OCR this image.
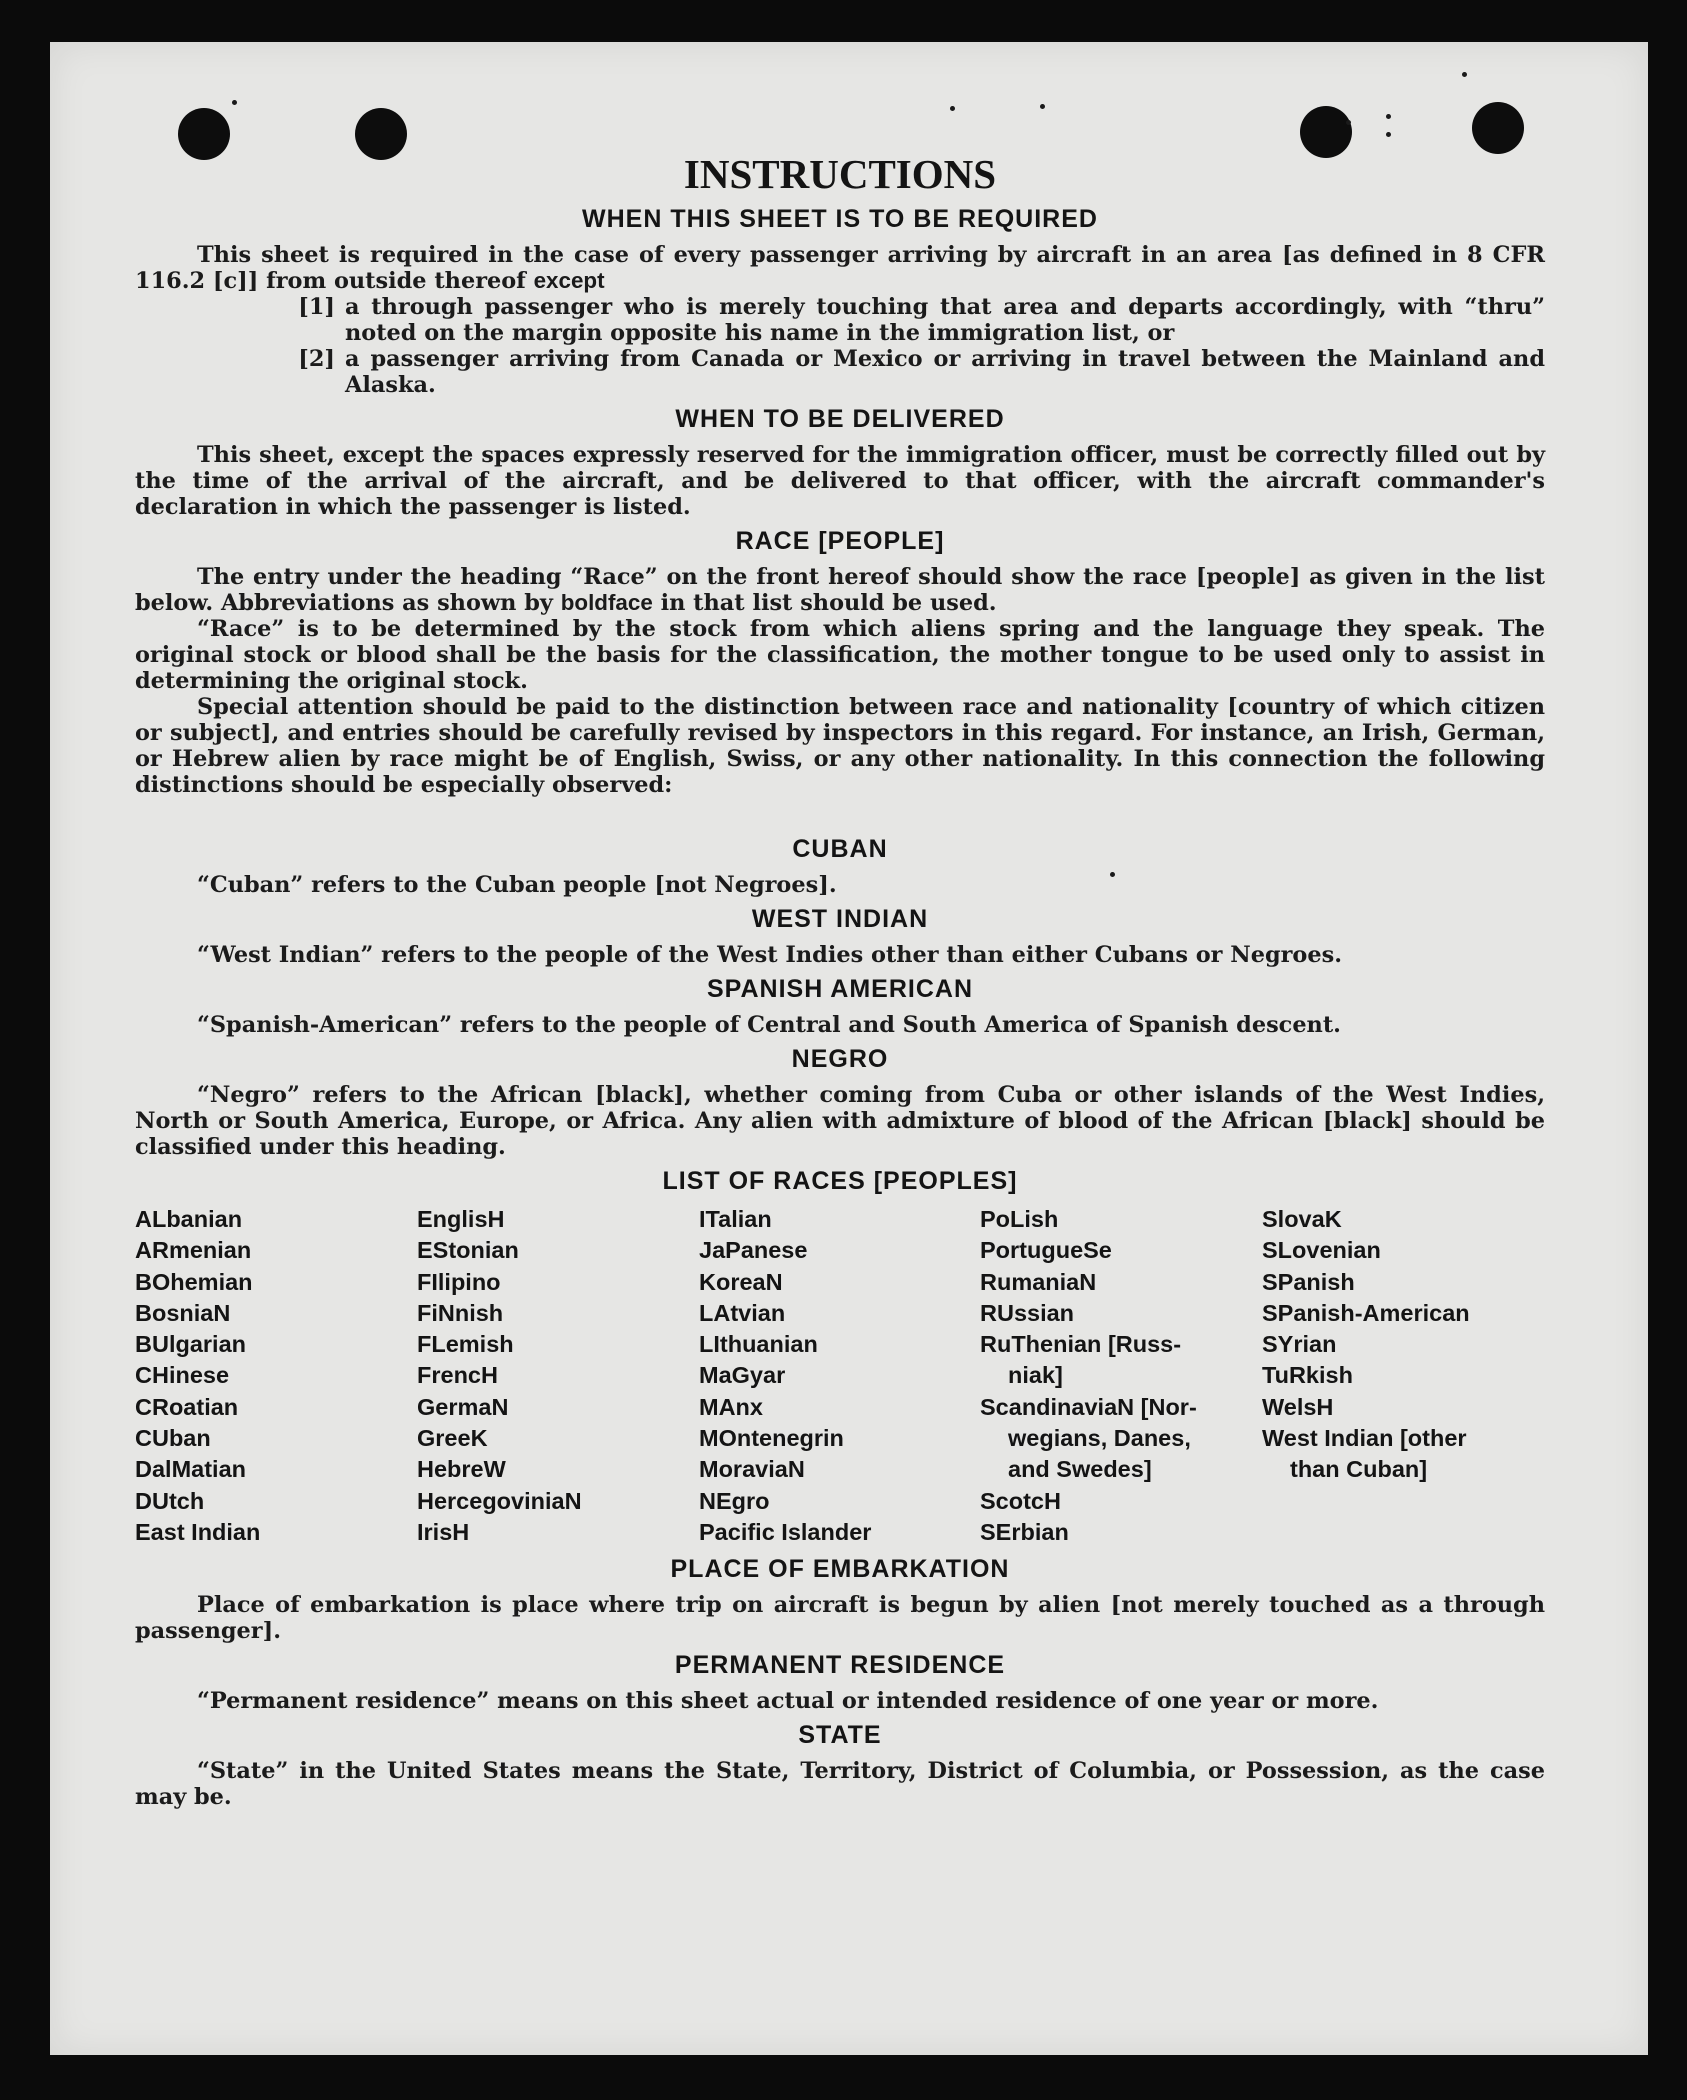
INSTRUCTIONS
WHEN THIS SHEET IS TO BE REQUIRED

This sheet is required in the case of every passenger arriving by aircraft in an area [as defined in 8 CFR 116.2 [c]] from outside thereof except

[1] a through passenger who is merely touching that area and departs accordingly, with “thru” noted on the margin opposite his name in the immigration list, or
[2] a passenger arriving from Canada or Mexico or arriving in travel between the Mainland and Alaska.
WHEN TO BE DELIVERED

This sheet, except the spaces expressly reserved for the immigration officer, must be correctly filled out by the time of the arrival of the aircraft, and be delivered to that officer, with the aircraft commander's declaration in which the passenger is listed.

RACE [PEOPLE]

The entry under the heading “Race” on the front hereof should show the race [people] as given in the list below. Abbreviations as shown by boldface in that list should be used.

“Race” is to be determined by the stock from which aliens spring and the language they speak. The original stock or blood shall be the basis for the classification, the mother tongue to be used only to assist in determining the original stock.

Special attention should be paid to the distinction between race and nationality [country of which citizen or subject], and entries should be carefully revised by inspectors in this regard. For instance, an Irish, German, or Hebrew alien by race might be of English, Swiss, or any other nationality. In this connection the following distinctions should be especially observed:

CUBAN

“Cuban” refers to the Cuban people [not Negroes].

WEST INDIAN

“West Indian” refers to the people of the West Indies other than either Cubans or Negroes.

SPANISH AMERICAN

“Spanish-American” refers to the people of Central and South America of Spanish descent.

NEGRO

“Negro” refers to the African [black], whether coming from Cuba or other islands of the West Indies, North or South America, Europe, or Africa. Any alien with admixture of blood of the African [black] should be classified under this heading.

LIST OF RACES [PEOPLES]
ALbanian
ARmenian
BOhemian
BosniaN
BUlgarian
CHinese
CRoatian
CUban
DalMatian
DUtch
East Indian
EnglisH
EStonian
FIlipino
FiNnish
FLemish
FrencH
GermaN
GreeK
HebreW
HercegoviniaN
IrisH
ITalian
JaPanese
KoreaN
LAtvian
LIthuanian
MaGyar
MAnx
MOntenegrin
MoraviaN
NEgro
Pacific Islander
PoLish
PortugueSe
RumaniaN
RUssian
RuThenian [Russ-
niak]
ScandinaviaN [Nor-
wegians, Danes,
and Swedes]
ScotcH
SErbian
SlovaK
SLovenian
SPanish
SPanish-American
SYrian
TuRkish
WelsH
West Indian [other
than Cuban]
PLACE OF EMBARKATION

Place of embarkation is place where trip on aircraft is begun by alien [not merely touched as a through passenger].

PERMANENT RESIDENCE

“Permanent residence” means on this sheet actual or intended residence of one year or more.

STATE

“State” in the United States means the State, Territory, District of Columbia, or Possession, as the case may be.
